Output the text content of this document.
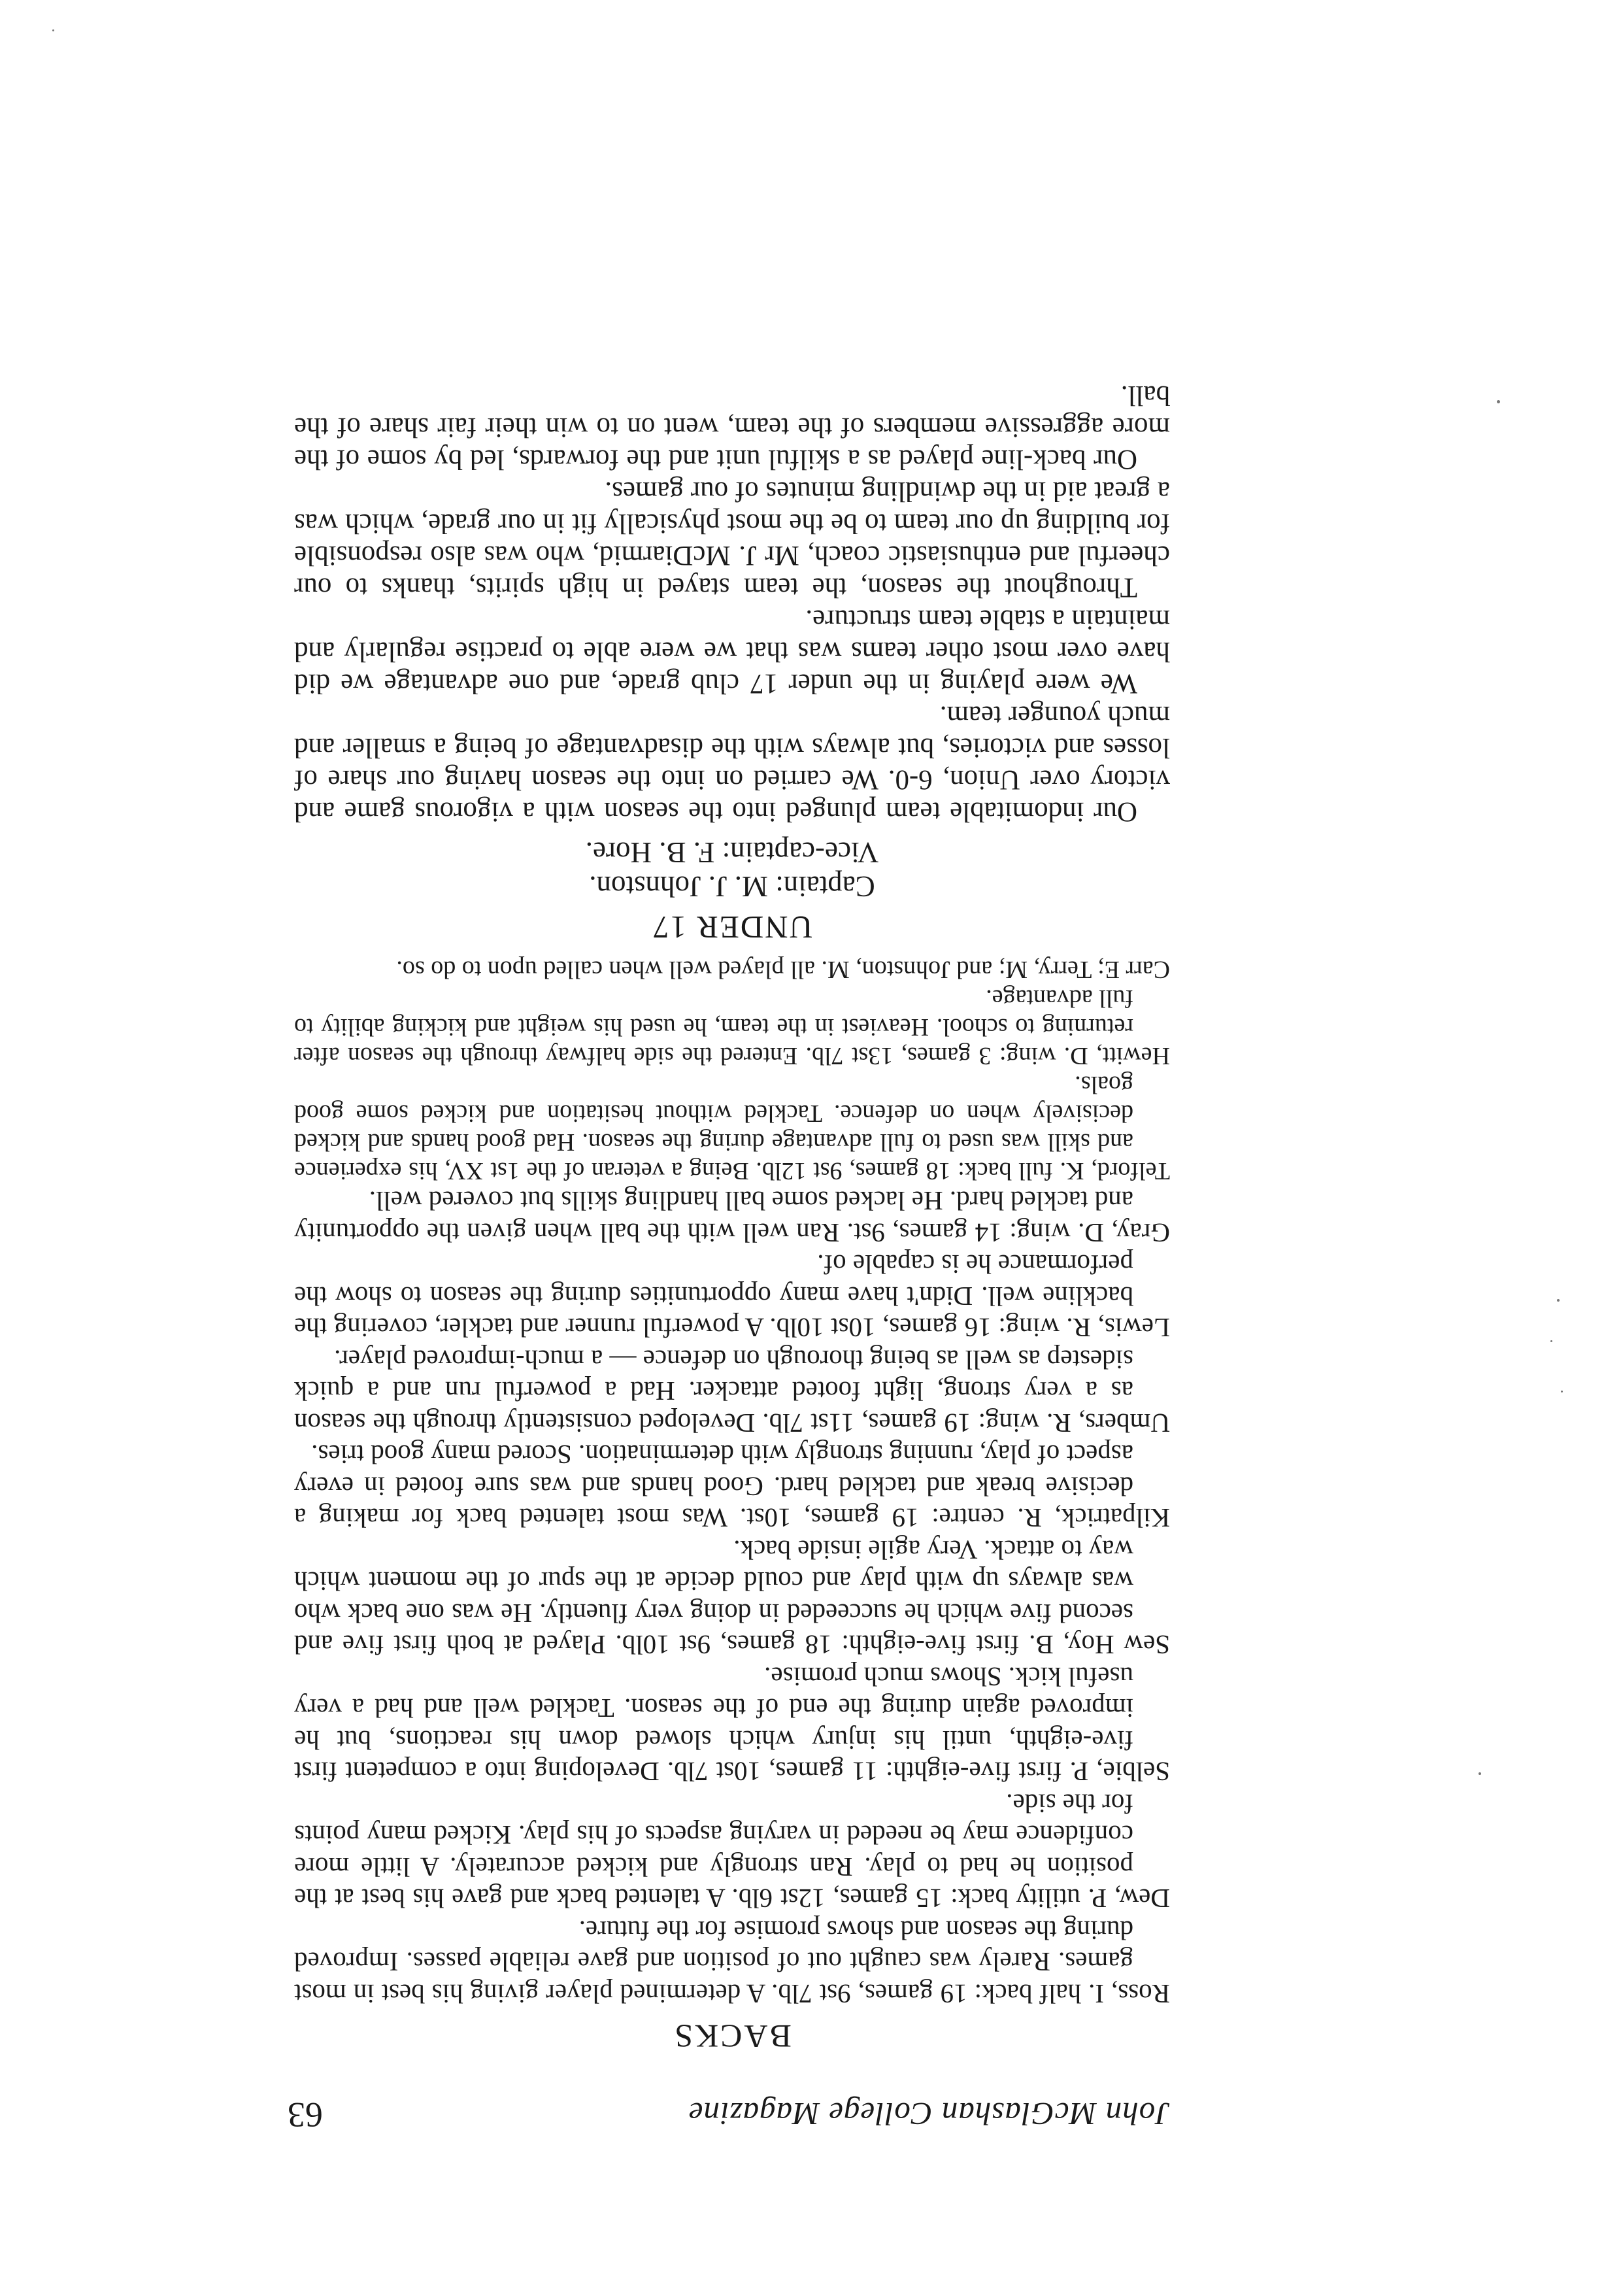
John McGlashan College Magazine
63
BACKS

Ross, I. half back: 19 games, 9st 7lb. A determined player giving his best in most games. Rarely was caught out of position and gave reliable passes. Improved during the season and shows promise for the future.

Dew, P. utility back: 15 games, 12st 6lb. A talented back and gave his best at the position he had to play. Ran strongly and kicked accurately. A little more confidence may be needed in varying aspects of his play. Kicked many points for the side.

Selbie, P. first five-eighth: 11 games, 10st 7lb. Developing into a competent first five-eighth, until his injury which slowed down his reactions, but he improved again during the end of the season. Tackled well and had a very useful kick. Shows much promise.

Sew Hoy, B. first five-eighth: 18 games, 9st 10lb. Played at both first five and second five which he succeeded in doing very fluently. He was one back who was always up with play and could decide at the spur of the moment which way to attack. Very agile inside back.

Kilpatrick, R. centre: 19 games, 10st. Was most talented back for making a decisive break and tackled hard. Good hands and was sure footed in every aspect of play, running strongly with determination. Scored many good tries.

Umbers, R. wing: 19 games, 11st 7lb. Developed consistently through the season as a very strong, light footed attacker. Had a powerful run and a quick sidestep as well as being thorough on defence — a much-improved player.

Lewis, R. wing: 16 games, 10st 10lb. A powerful runner and tackler, covering the backline well. Didn't have many opportunities during the season to show the performance he is capable of.

Gray, D. wing: 14 games, 9st. Ran well with the ball when given the opportunity and tackled hard. He lacked some ball handling skills but covered well.

Telford, K. full back: 18 games, 9st 12lb. Being a veteran of the 1st XV, his experience and skill was used to full advantage during the season. Had good hands and kicked decisively when on defence. Tackled without hesitation and kicked some good goals.

Hewitt, D. wing: 3 games, 13st 7lb. Entered the side halfway through the season after returning to school. Heaviest in the team, he used his weight and kicking ability to full advantage.

Carr E; Terry, M; and Johnston, M. all played well when called upon to do so.

UNDER 17

Captain: M. J. Johnston.

Vice-captain: F. B. Hore.

Our indomitable team plunged into the season with a vigorous game and victory over Union, 6-0. We carried on into the season having our share of losses and victories, but always with the disadvantage of being a smaller and much younger team.

We were playing in the under 17 club grade, and one advantage we did have over most other teams was that we were able to practise regularly and maintain a stable team structure.

Throughout the season, the team stayed in high spirits, thanks to our cheerful and enthusiastic coach, Mr J. McDiarmid, who was also responsible for building up our team to be the most physically fit in our grade, which was a great aid in the dwindling minutes of our games.

Our back-line played as a skilful unit and the forwards, led by some of the more aggressive members of the team, went on to win their fair share of the ball.
